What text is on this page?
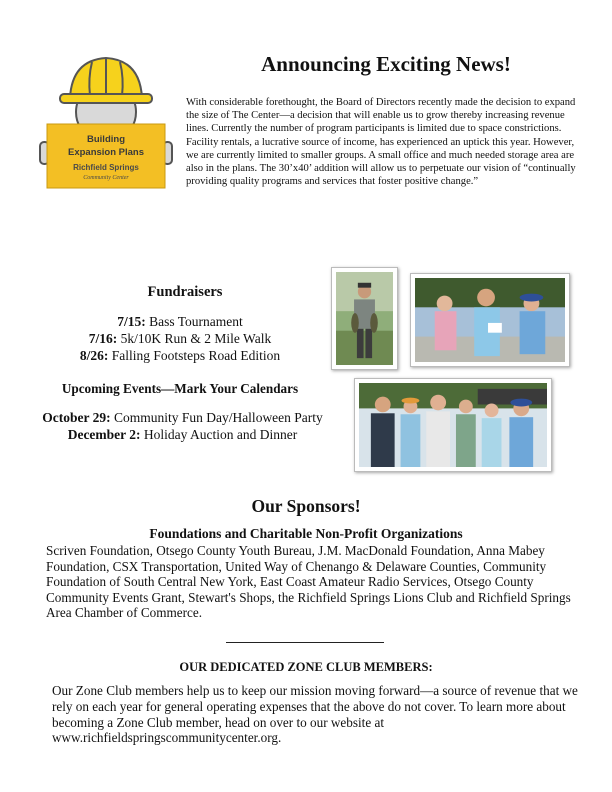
Building
Expansion Plans
Richfield Springs
Community Center
Announcing Exciting News!

With considerable forethought, the Board of Directors recently made the decision to expand the size of The Center—a decision that will enable us to grow thereby increasing revenue lines. Currently the number of program participants is limited due to space constrictions.

Facility rentals, a lucrative source of income, has experienced an uptick this year. However, we are currently limited to smaller groups. A small office and much needed storage area are also in the plans. The 30’x40’ addition will allow us to perpetuate our vision of “continually providing quality programs and services that foster positive change.”

Fundraisers
7/15: Bass Tournament
7/16: 5k/10K Run & 2 Mile Walk
8/26: Falling Footsteps Road Edition
Upcoming Events—Mark Your Calendars
October 29: Community Fun Day/Halloween Party
December 2: Holiday Auction and Dinner
Our Sponsors!
Foundations and Charitable Non-Profit Organizations
Scriven Foundation, Otsego County Youth Bureau, J.M. MacDonald Foundation, Anna Mabey Foundation, CSX Transportation, United Way of Chenango & Delaware Counties, Community Foundation of South Central New York, East Coast Amateur Radio Services, Otsego County Community Events Grant, Stewart's Shops, the Richfield Springs Lions Club and Richfield Springs Area Chamber of Commerce.
OUR DEDICATED ZONE CLUB MEMBERS:
Our Zone Club members help us to keep our mission moving forward—a source of revenue that we rely on each year for general operating expenses that the above do not cover. To learn more about becoming a Zone Club member, head on over to our website at www.richfieldspringscommunitycenter.org.
